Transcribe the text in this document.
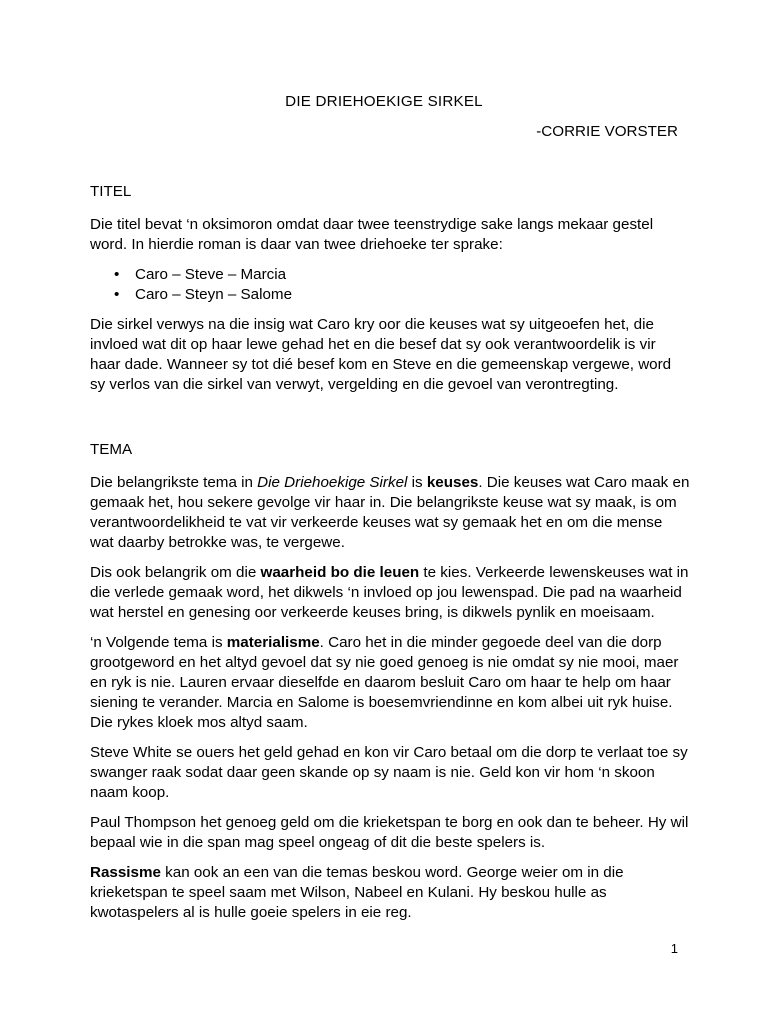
DIE DRIEHOEKIGE SIRKEL
-CORRIE VORSTER
TITEL

Die titel bevat ‘n oksimoron omdat daar twee teenstrydige sake langs mekaar gestel word. In hierdie roman is daar van twee driehoeke ter sprake:

• Caro – Steve – Marcia
• Caro – Steyn – Salome

Die sirkel verwys na die insig wat Caro kry oor die keuses wat sy uitgeoefen het, die invloed wat dit op haar lewe gehad het en die besef dat sy ook verantwoordelik is vir haar dade. Wanneer sy tot dié besef kom en Steve en die gemeenskap vergewe, word sy verlos van die sirkel van verwyt, vergelding en die gevoel van verontregting.

TEMA

Die belangrikste tema in Die Driehoekige Sirkel is keuses. Die keuses wat Caro maak en gemaak het, hou sekere gevolge vir haar in. Die belangrikste keuse wat sy maak, is om verantwoordelikheid te vat vir verkeerde keuses wat sy gemaak het en om die mense wat daarby betrokke was, te vergewe.

Dis ook belangrik om die waarheid bo die leuen te kies. Verkeerde lewenskeuses wat in die verlede gemaak word, het dikwels ‘n invloed op jou lewenspad. Die pad na waarheid wat herstel en genesing oor verkeerde keuses bring, is dikwels pynlik en moeisaam.

‘n Volgende tema is materialisme. Caro het in die minder gegoede deel van die dorp grootgeword en het altyd gevoel dat sy nie goed genoeg is nie omdat sy nie mooi, maer en ryk is nie. Lauren ervaar dieselfde en daarom besluit Caro om haar te help om haar siening te verander. Marcia en Salome is boesemvriendinne en kom albei uit ryk huise. Die rykes kloek mos altyd saam.

Steve White se ouers het geld gehad en kon vir Caro betaal om die dorp te verlaat toe sy swanger raak sodat daar geen skande op sy naam is nie. Geld kon vir hom ‘n skoon naam koop.

Paul Thompson het genoeg geld om die krieketspan te borg en ook dan te beheer. Hy wil bepaal wie in die span mag speel ongeag of dit die beste spelers is.

Rassisme kan ook an een van die temas beskou word. George weier om in die krieketspan te speel saam met Wilson, Nabeel en Kulani. Hy beskou hulle as kwotaspelers al is hulle goeie spelers in eie reg.

1
